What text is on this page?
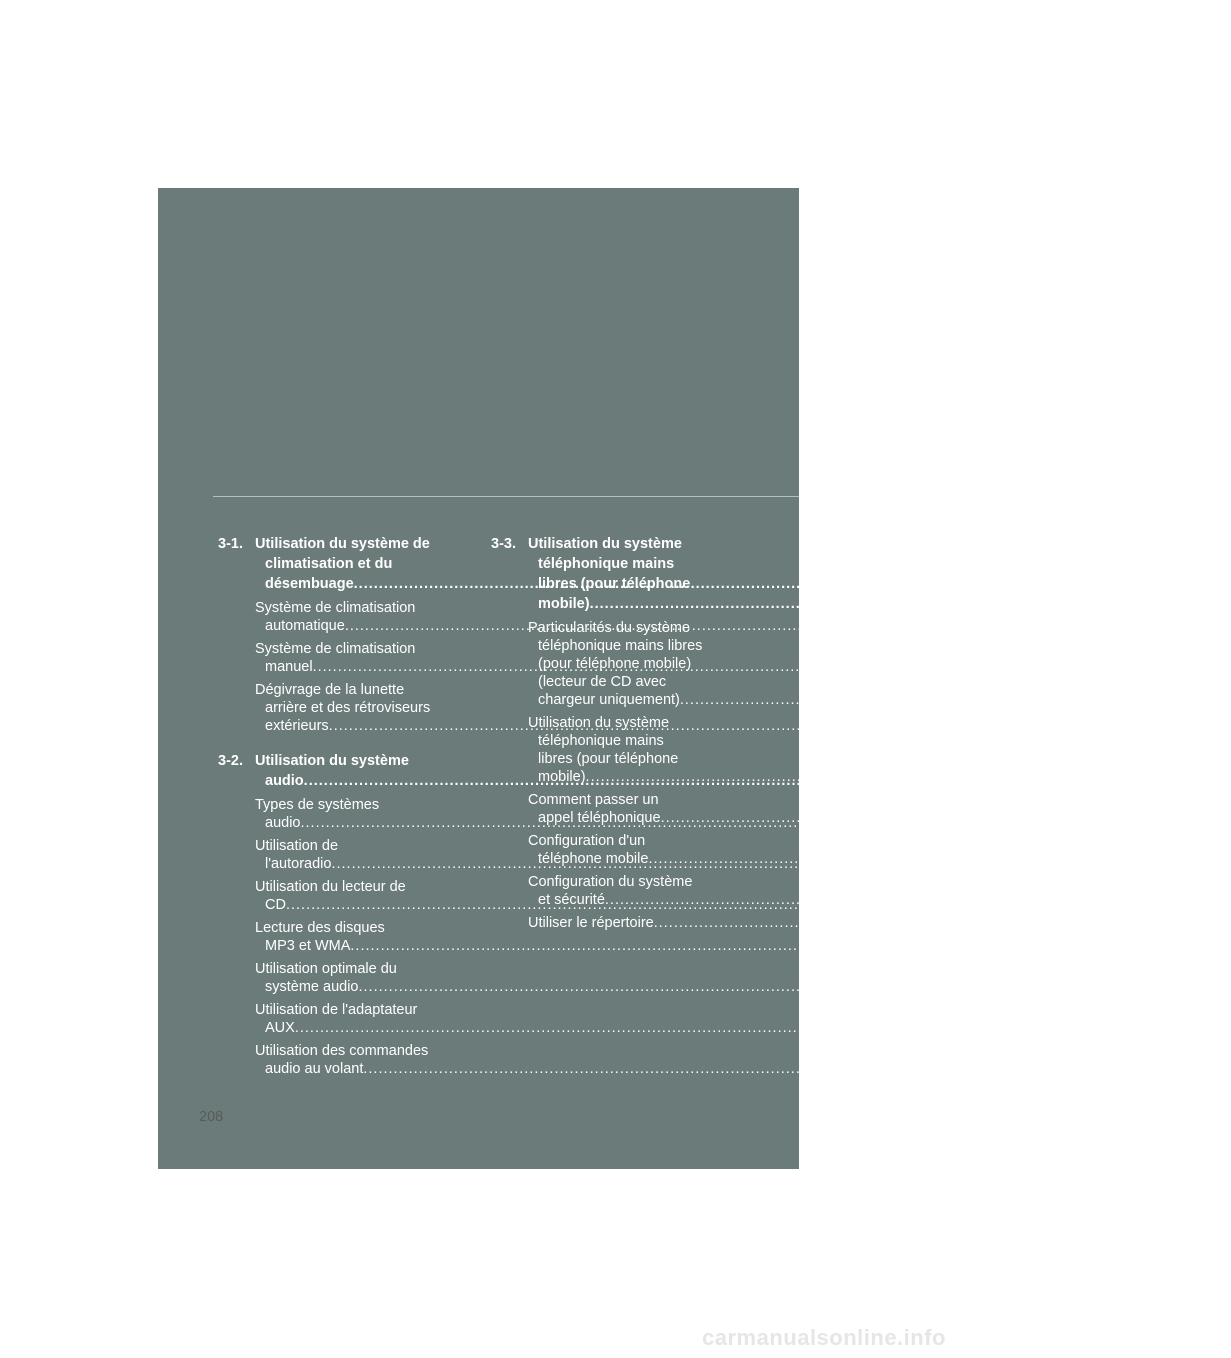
3-1. Utilisation du système de
climatisation et du
désembuage .....	210
Système de climatisation
automatique .....	210
Système de climatisation
manuel .....	219
Dégivrage de la lunette
arrière et des rétroviseurs
extérieurs .....	224
3-2. Utilisation du système
audio .....	226
Types de systèmes
audio .....	226
Utilisation de
l'autoradio .....	229
Utilisation du lecteur de
CD .....	235
Lecture des disques
MP3 et WMA .....	242
Utilisation optimale du
système audio .....	250
Utilisation de l'adaptateur
AUX .....	253
Utilisation des commandes
audio au volant .....	254
3-3. Utilisation du système
téléphonique mains
libres (pour téléphone
mobile) .....	257
Particularités du système
téléphonique mains libres
(pour téléphone mobile)
(lecteur de CD avec
chargeur uniquement) .....	257
Utilisation du système
téléphonique mains
libres (pour téléphone
mobile) .....	262
Comment passer un
appel téléphonique .....	272
Configuration d'un
téléphone mobile .....	277
Configuration du système
et sécurité .....	282
Utiliser le répertoire .....	286
208
carmanualsonline.info
